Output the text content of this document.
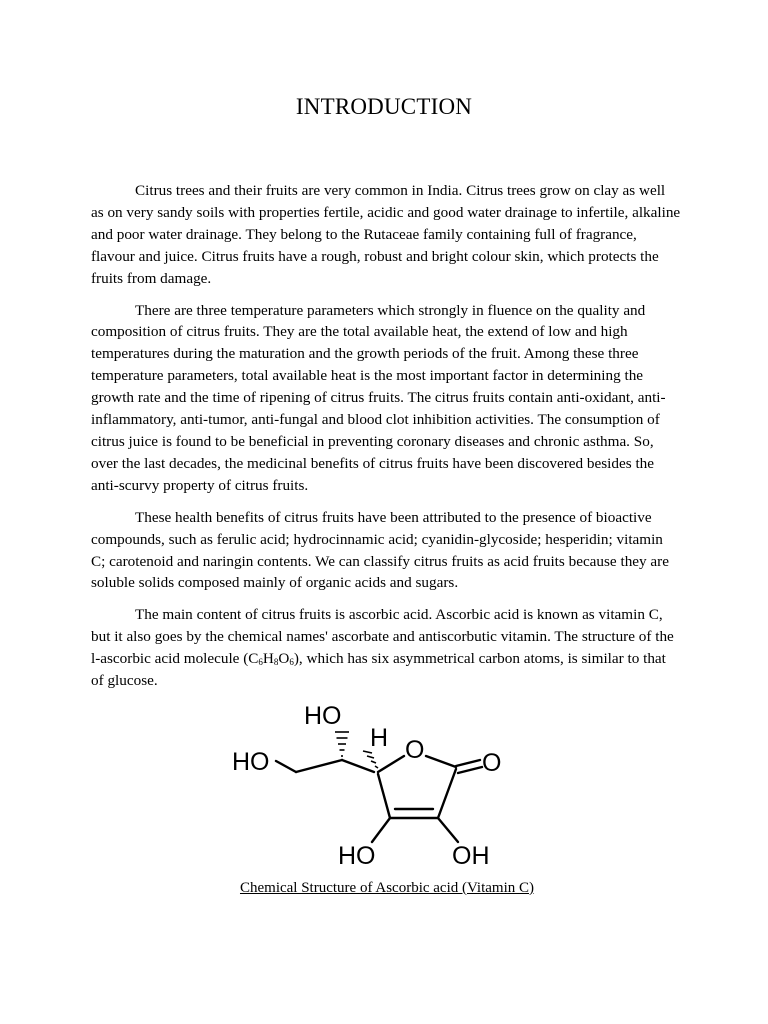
INTRODUCTION

Citrus trees and their fruits are very common in India. Citrus trees grow on clay as well as on very sandy soils with properties fertile, acidic and good water drainage to infertile, alkaline and poor water drainage. They belong to the Rutaceae family containing full of fragrance, flavour and juice. Citrus fruits have a rough, robust and bright colour skin, which protects the fruits from damage.

There are three temperature parameters which strongly in fluence on the quality and composition of citrus fruits. They are the total available heat, the extend of low and high temperatures during the maturation and the growth periods of the fruit. Among these three temperature parameters, total available heat is the most important factor in determining the growth rate and the time of ripening of citrus fruits. The citrus fruits contain anti-oxidant, anti-inflammatory, anti-tumor, anti-fungal and blood clot inhibition activities. The consumption of citrus juice is found to be beneficial in preventing coronary diseases and chronic asthma. So, over the last decades, the medicinal benefits of citrus fruits have been discovered besides the anti-scurvy property of citrus fruits.

These health benefits of citrus fruits have been attributed to the presence of bioactive compounds, such as ferulic acid; hydrocinnamic acid; cyanidin-glycoside; hesperidin; vitamin C; carotenoid and naringin contents. We can classify citrus fruits as acid fruits because they are soluble solids composed mainly of organic acids and sugars.

The main content of citrus fruits is ascorbic acid. Ascorbic acid is known as vitamin C, but it also goes by the chemical names' ascorbate and antiscorbutic vitamin. The structure of the l-ascorbic acid molecule $(C_6H_8O_6)$, which has six asymmetrical carbon atoms, is similar to that of glucose.

HO
HO
H O O
HO	OH
Chemical Structure of Ascorbic acid (Vitamin C)
